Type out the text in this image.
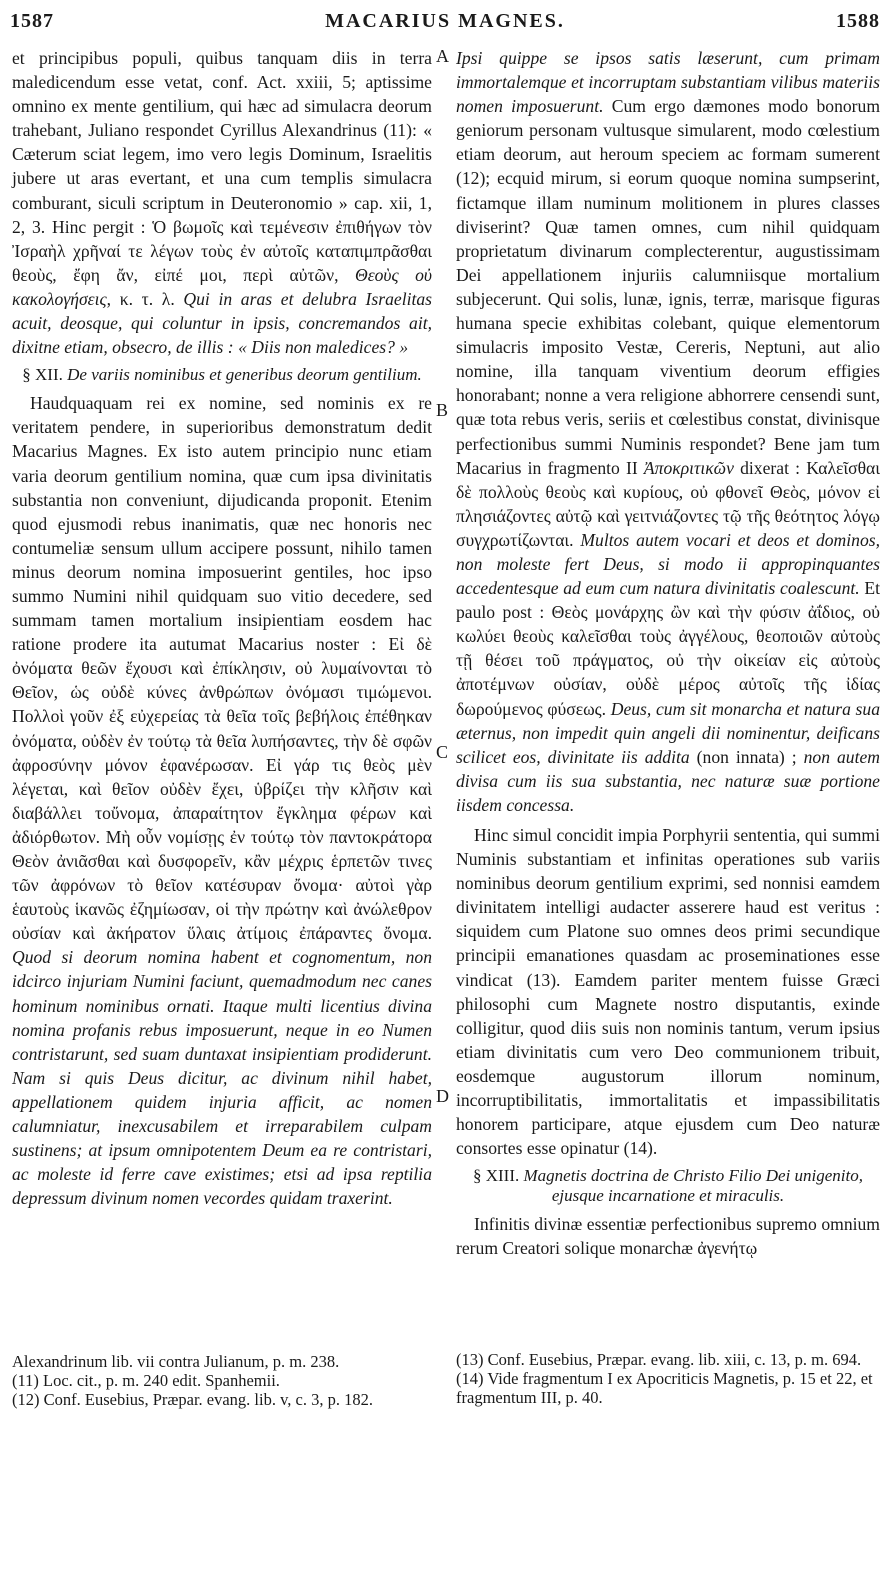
1587	MACARIUS MAGNES.	1588

et principibus populi, quibus tanquam diis in terra maledicendum esse vetat, conf. Act. xxiii, 5; aptissime omnino ex mente gentilium, qui hæc ad simulacra deorum trahebant, Juliano respondet Cyrillus Alexandrinus (11): « Cæterum sciat legem, imo vero legis Dominum, Israelitis jubere ut aras evertant, et una cum templis simulacra comburant, siculi scriptum in Deuteronomio » cap. xii, 1, 2, 3. Hinc pergit : Ὁ βωμοῖς καὶ τεμένεσιν ἐπιθήγων τὸν Ἰσραὴλ χρῆναί τε λέγων τοὺς ἐν αὐτοῖς καταπιμπρᾶσθαι θεοὺς, ἔφη ἄν, εἰπέ μοι, περὶ αὐτῶν, Θεοὺς οὐ κακολογήσεις, κ. τ. λ. Qui in aras et delubra Israelitas acuit, deosque, qui coluntur in ipsis, concremandos ait, dixitne etiam, obsecro, de illis : « Diis non maledices? »

§ XII. De variis nominibus et generibus deorum gentilium.

Haudquaquam rei ex nomine, sed nominis ex re veritatem pendere, in superioribus demonstratum dedit Macarius Magnes. Ex isto autem principio nunc etiam varia deorum gentilium nomina, quæ cum ipsa divinitatis substantia non conveniunt, dijudicanda proponit. Etenim quod ejusmodi rebus inanimatis, quæ nec honoris nec contumeliæ sensum ullum accipere possunt, nihilo tamen minus deorum nomina imposuerint gentiles, hoc ipso summo Numini nihil quidquam suo vitio decedere, sed summam tamen mortalium insipientiam eosdem hac ratione prodere ita autumat Macarius noster : Εἰ δὲ ὀνόματα θεῶν ἔχουσι καὶ ἐπίκλησιν, οὐ λυμαίνονται τὸ Θεῖον, ὡς οὐδὲ κύνες ἀνθρώπων ὀνόμασι τιμώμενοι. Πολλοὶ γοῦν ἐξ εὐχερείας τὰ θεῖα τοῖς βεβήλοις ἐπέθηκαν ὀνόματα, οὐδὲν ἐν τούτῳ τὰ θεῖα λυπήσαντες, τὴν δὲ σφῶν ἀφροσύνην μόνον ἐφανέρωσαν. Εἰ γάρ τις θεὸς μὲν λέγεται, καὶ θεῖον οὐδὲν ἔχει, ὑβρίζει τὴν κλῆσιν καὶ διαβάλλει τοὔνομα, ἀπαραίτητον ἔγκλημα φέρων καὶ ἀδιόρθωτον. Μὴ οὖν νομίσῃς ἐν τούτῳ τὸν παντοκράτορα Θεὸν ἀνιᾶσθαι καὶ δυσφορεῖν, κἂν μέχρις ἑρπετῶν τινες τῶν ἀφρόνων τὸ θεῖον κατέσυραν ὄνομα· αὐτοὶ γὰρ ἑαυτοὺς ἱκανῶς ἐζημίωσαν, οἱ τὴν πρώτην καὶ ἀνώλεθρον οὐσίαν καὶ ἀκήρατον ὕλαις ἀτίμοις ἐπάραντες ὄνομα. Quod si deorum nomina habent et cognomentum, non idcirco injuriam Numini faciunt, quemadmodum nec canes hominum nominibus ornati. Itaque multi licentius divina nomina profanis rebus imposuerunt, neque in eo Numen contristarunt, sed suam duntaxat insipientiam prodiderunt. Nam si quis Deus dicitur, ac divinum nihil habet, appellationem quidem injuria afficit, ac nomen calumniatur, inexcusabilem et irreparabilem culpam sustinens; at ipsum omnipotentem Deum ea re contristari, ac moleste id ferre cave existimes; etsi ad ipsa reptilia depressum divinum nomen vecordes quidam traxerint.

A
B
C
D

Ipsi quippe se ipsos satis læserunt, cum primam immortalemque et incorruptam substantiam vilibus materiis nomen imposuerunt. Cum ergo dæmones modo bonorum geniorum personam vultusque simularent, modo cœlestium etiam deorum, aut heroum speciem ac formam sumerent (12); ecquid mirum, si eorum quoque nomina sumpserint, fictamque illam numinum molitionem in plures classes diviserint? Quæ tamen omnes, cum nihil quidquam proprietatum divinarum complecterentur, augustissimam Dei appellationem injuriis calumniisque mortalium subjecerunt. Qui solis, lunæ, ignis, terræ, marisque figuras humana specie exhibitas colebant, quique elementorum simulacris imposito Vestæ, Cereris, Neptuni, aut alio nomine, illa tanquam viventium deorum effigies honorabant; nonne a vera religione abhorrere censendi sunt, quæ tota rebus veris, seriis et cœlestibus constat, divinisque perfectionibus summi Numinis respondet? Bene jam tum Macarius in fragmento II Ἀποκριτικῶν dixerat : Καλεῖσθαι δὲ πολλοὺς θεοὺς καὶ κυρίους, οὐ φθονεῖ Θεὸς, μόνον εἰ πλησιάζοντες αὐτῷ καὶ γειτνιάζοντες τῷ τῆς θεότητος λόγῳ συγχρωτίζωνται. Multos autem vocari et deos et dominos, non moleste fert Deus, si modo ii appropinquantes accedentesque ad eum cum natura divinitatis coalescunt. Et paulo post : Θεὸς μονάρχης ὢν καὶ τὴν φύσιν ἀΐδιος, οὐ κωλύει θεοὺς καλεῖσθαι τοὺς ἀγγέλους, θεοποιῶν αὐτοὺς τῇ θέσει τοῦ πράγματος, οὐ τὴν οἰκείαν εἰς αὐτοὺς ἀποτέμνων οὐσίαν, οὐδὲ μέρος αὐτοῖς τῆς ἰδίας δωρούμενος φύσεως. Deus, cum sit monarcha et natura sua æternus, non impedit quin angeli dii nominentur, deificans scilicet eos, divinitate iis addita (non innata) ; non autem divisa cum iis sua substantia, nec naturæ suæ portione iisdem concessa.

Hinc simul concidit impia Porphyrii sententia, qui summi Numinis substantiam et infinitas operationes sub variis nominibus deorum gentilium exprimi, sed nonnisi eamdem divinitatem intelligi audacter asserere haud est veritus : siquidem cum Platone suo omnes deos primi secundique principii emanationes quasdam ac proseminationes esse vindicat (13). Eamdem pariter mentem fuisse Græci philosophi cum Magnete nostro disputantis, exinde colligitur, quod diis suis non nominis tantum, verum ipsius etiam divinitatis cum vero Deo communionem tribuit, eosdemque augustorum illorum nominum, incorruptibilitatis, immortalitatis et impassibilitatis honorem participare, atque ejusdem cum Deo naturæ consortes esse opinatur (14).

§ XIII. Magnetis doctrina de Christo Filio Dei unigenito, ejusque incarnatione et miraculis.

Infinitis divinæ essentiæ perfectionibus supremo omnium rerum Creatori solique monarchæ ἀγενήτῳ

Alexandrinum lib. vii contra Julianum, p. m. 238.
(11) Loc. cit., p. m. 240 edit. Spanhemii.
(12) Conf. Eusebius, Præpar. evang. lib. v, c. 3, p. 182.
(13) Conf. Eusebius, Præpar. evang. lib. xiii, c. 13, p. m. 694.
(14) Vide fragmentum I ex Apocriticis Magnetis, p. 15 et 22, et fragmentum III, p. 40.
